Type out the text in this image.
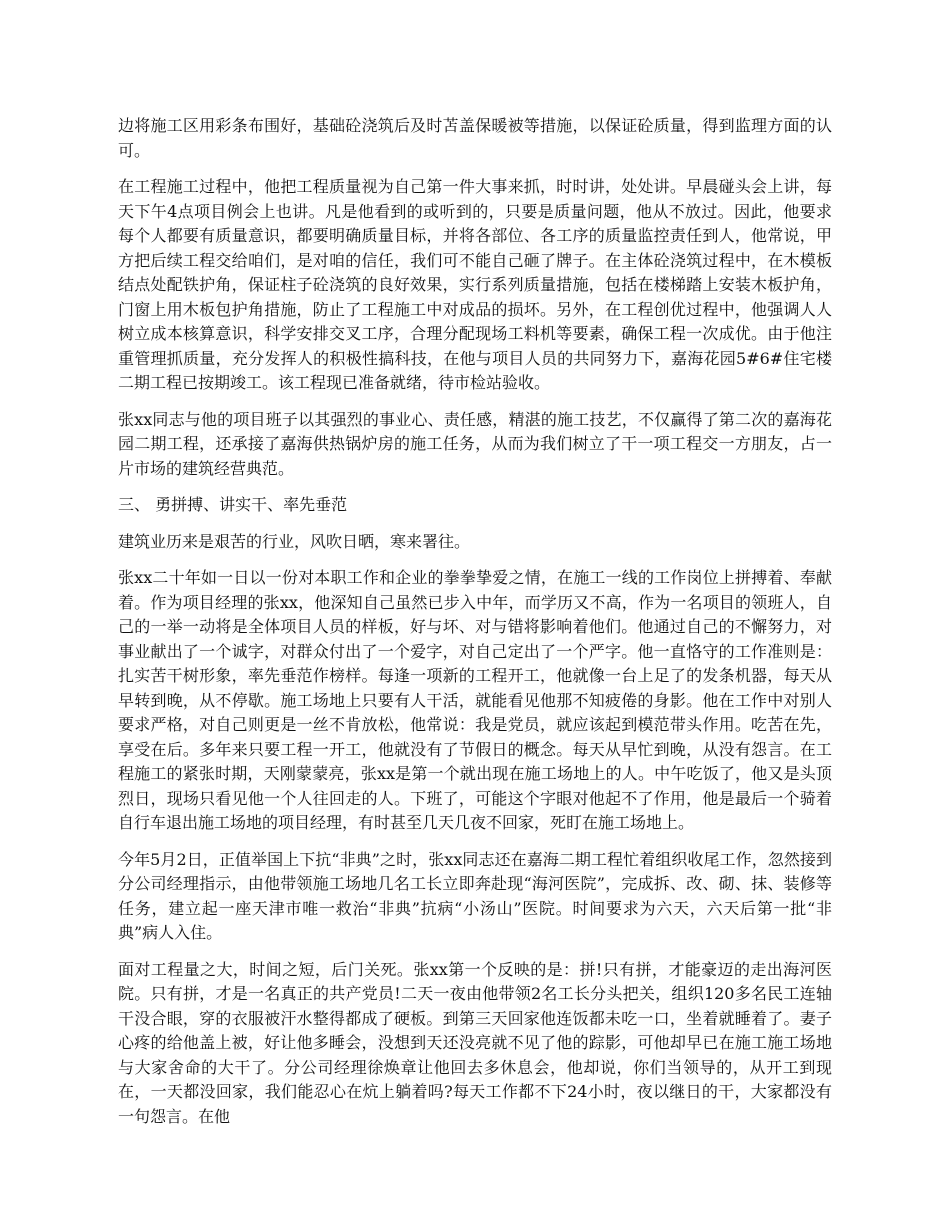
边将施工区用彩条布围好，基础砼浇筑后及时苫盖保暖被等措施，以保证砼质量，得到监理方面的认可。

在工程施工过程中，他把工程质量视为自己第一件大事来抓，时时讲，处处讲。早晨碰头会上讲，每天下午4点项目例会上也讲。凡是他看到的或听到的，只要是质量问题，他从不放过。因此，他要求每个人都要有质量意识，都要明确质量目标，并将各部位、各工序的质量监控责任到人，他常说，甲方把后续工程交给咱们，是对咱的信任，我们可不能自己砸了牌子。在主体砼浇筑过程中，在木模板结点处配铁护角，保证柱子砼浇筑的良好效果，实行系列质量措施，包括在楼梯踏上安装木板护角，门窗上用木板包护角措施，防止了工程施工中对成品的损坏。另外，在工程创优过程中，他强调人人树立成本核算意识，科学安排交叉工序，合理分配现场工料机等要素，确保工程一次成优。由于他注重管理抓质量，充分发挥人的积极性搞科技，在他与项目人员的共同努力下，嘉海花园5#6#住宅楼二期工程已按期竣工。该工程现已准备就绪，待市检站验收。

张xx同志与他的项目班子以其强烈的事业心、责任感，精湛的施工技艺，不仅赢得了第二次的嘉海花园二期工程，还承接了嘉海供热锅炉房的施工任务，从而为我们树立了干一项工程交一方朋友，占一片市场的建筑经营典范。

三、 勇拼搏、讲实干、率先垂范

建筑业历来是艰苦的行业，风吹日晒，寒来署往。

张xx二十年如一日以一份对本职工作和企业的拳拳挚爱之情，在施工一线的工作岗位上拼搏着、奉献着。作为项目经理的张xx，他深知自己虽然已步入中年，而学历又不高，作为一名项目的领班人，自己的一举一动将是全体项目人员的样板，好与坏、对与错将影响着他们。他通过自己的不懈努力，对事业献出了一个诚字，对群众付出了一个爱字，对自己定出了一个严字。他一直恪守的工作准则是：扎实苦干树形象，率先垂范作榜样。每逢一项新的工程开工，他就像一台上足了的发条机器，每天从早转到晚，从不停歇。施工场地上只要有人干活，就能看见他那不知疲倦的身影。他在工作中对别人要求严格，对自己则更是一丝不肯放松，他常说：我是党员，就应该起到模范带头作用。吃苦在先，享受在后。多年来只要工程一开工，他就没有了节假日的概念。每天从早忙到晚，从没有怨言。在工程施工的紧张时期，天刚蒙蒙亮，张xx是第一个就出现在施工场地上的人。中午吃饭了，他又是头顶烈日，现场只看见他一个人往回走的人。下班了，可能这个字眼对他起不了作用，他是最后一个骑着自行车退出施工场地的项目经理，有时甚至几天几夜不回家，死盯在施工场地上。

今年5月2日，正值举国上下抗“非典”之时，张xx同志还在嘉海二期工程忙着组织收尾工作，忽然接到分公司经理指示，由他带领施工场地几名工长立即奔赴现“海河医院”，完成拆、改、砌、抹、装修等任务，建立起一座天津市唯一救治“非典”抗病“小汤山”医院。时间要求为六天，六天后第一批“非典”病人入住。

面对工程量之大，时间之短，后门关死。张xx第一个反映的是：拼!只有拼，才能豪迈的走出海河医院。只有拼，才是一名真正的共产党员!二天一夜由他带领2名工长分头把关，组织120多名民工连轴干没合眼，穿的衣服被汗水整得都成了硬板。到第三天回家他连饭都未吃一口，坐着就睡着了。妻子心疼的给他盖上被，好让他多睡会，没想到天还没亮就不见了他的踪影，可他却早已在施工施工场地与大家舍命的大干了。分公司经理徐焕章让他回去多休息会，他却说，你们当领导的，从开工到现在，一天都没回家，我们能忍心在炕上躺着吗?每天工作都不下24小时，夜以继日的干，大家都没有一句怨言。在他
